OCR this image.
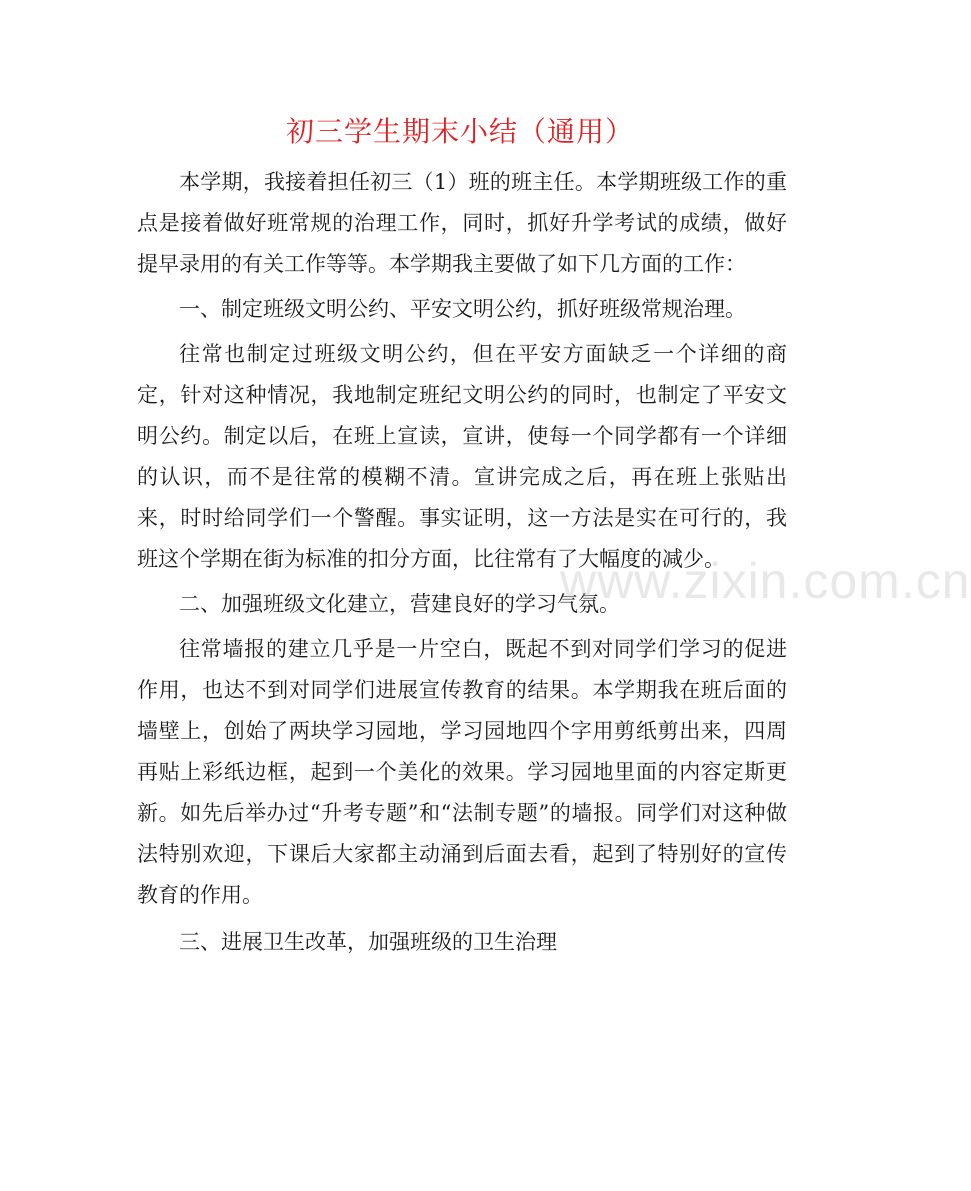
初三学生期末小结（通用）

本学期，我接着担任初三（1）班的班主任。本学期班级工作的重点是接着做好班常规的治理工作，同时，抓好升学考试的成绩，做好提早录用的有关工作等等。本学期我主要做了如下几方面的工作：

一、制定班级文明公约、平安文明公约，抓好班级常规治理。

往常也制定过班级文明公约，但在平安方面缺乏一个详细的商定，针对这种情况，我地制定班纪文明公约的同时，也制定了平安文明公约。制定以后，在班上宣读，宣讲，使每一个同学都有一个详细的认识，而不是往常的模糊不清。宣讲完成之后，再在班上张贴出来，时时给同学们一个警醒。事实证明，这一方法是实在可行的，我班这个学期在街为标准的扣分方面，比往常有了大幅度的减少。

二、加强班级文化建立，营建良好的学习气氛。

往常墙报的建立几乎是一片空白，既起不到对同学们学习的促进作用，也达不到对同学们进展宣传教育的结果。本学期我在班后面的墙壁上，创始了两块学习园地，学习园地四个字用剪纸剪出来，四周再贴上彩纸边框，起到一个美化的效果。学习园地里面的内容定斯更新。如先后举办过“升考专题”和“法制专题”的墙报。同学们对这种做法特别欢迎，下课后大家都主动涌到后面去看，起到了特别好的宣传教育的作用。

三、进展卫生改革，加强班级的卫生治理

www.zixin.com.cn
